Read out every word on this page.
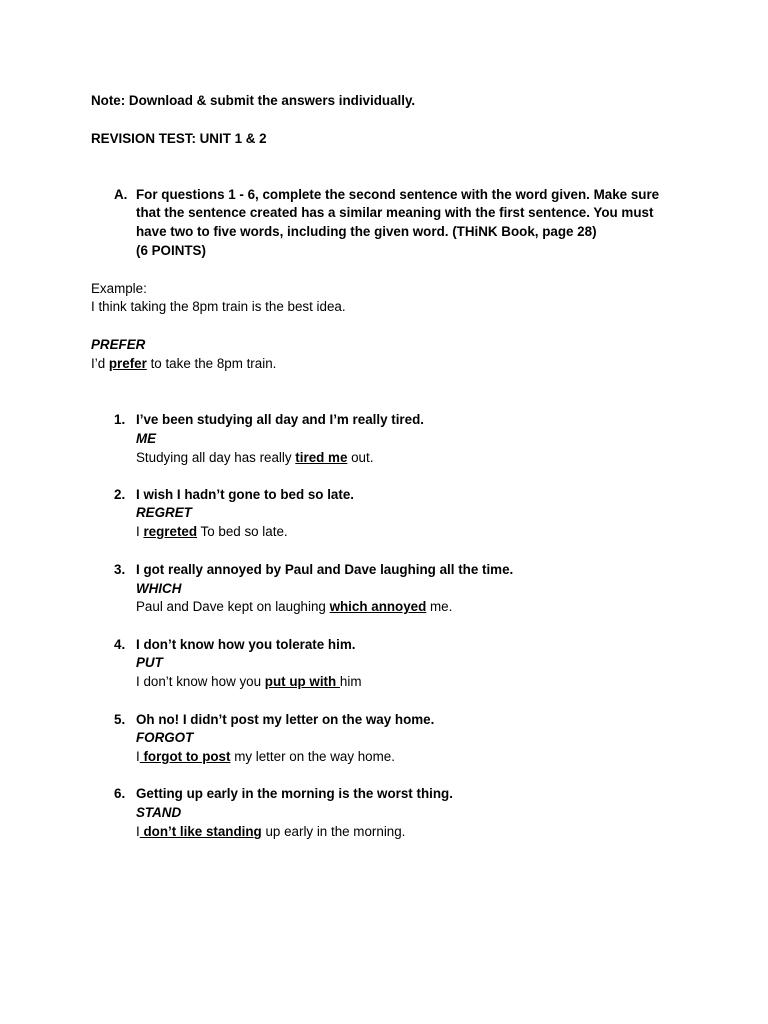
Note: Download & submit the answers individually.
REVISION TEST: UNIT 1 & 2
A. For questions 1 - 6, complete the second sentence with the word given. Make sure
that the sentence created has a similar meaning with the first sentence. You must
have two to five words, including the given word. (THiNK Book, page 28)
(6 POINTS)
Example:
I think taking the 8pm train is the best idea.
PREFER
I’d prefer to take the 8pm train.
1. I’ve been studying all day and I’m really tired.
ME
Studying all day has really tired me out.
2. I wish I hadn’t gone to bed so late.
REGRET
I regreted To bed so late.
3. I got really annoyed by Paul and Dave laughing all the time.
WHICH
Paul and Dave kept on laughing which annoyed me.
4. I don’t know how you tolerate him.
PUT
I don’t know how you put up with him
5. Oh no! I didn’t post my letter on the way home.
FORGOT
I forgot to post my letter on the way home.
6. Getting up early in the morning is the worst thing.
STAND
I don’t like standing up early in the morning.
